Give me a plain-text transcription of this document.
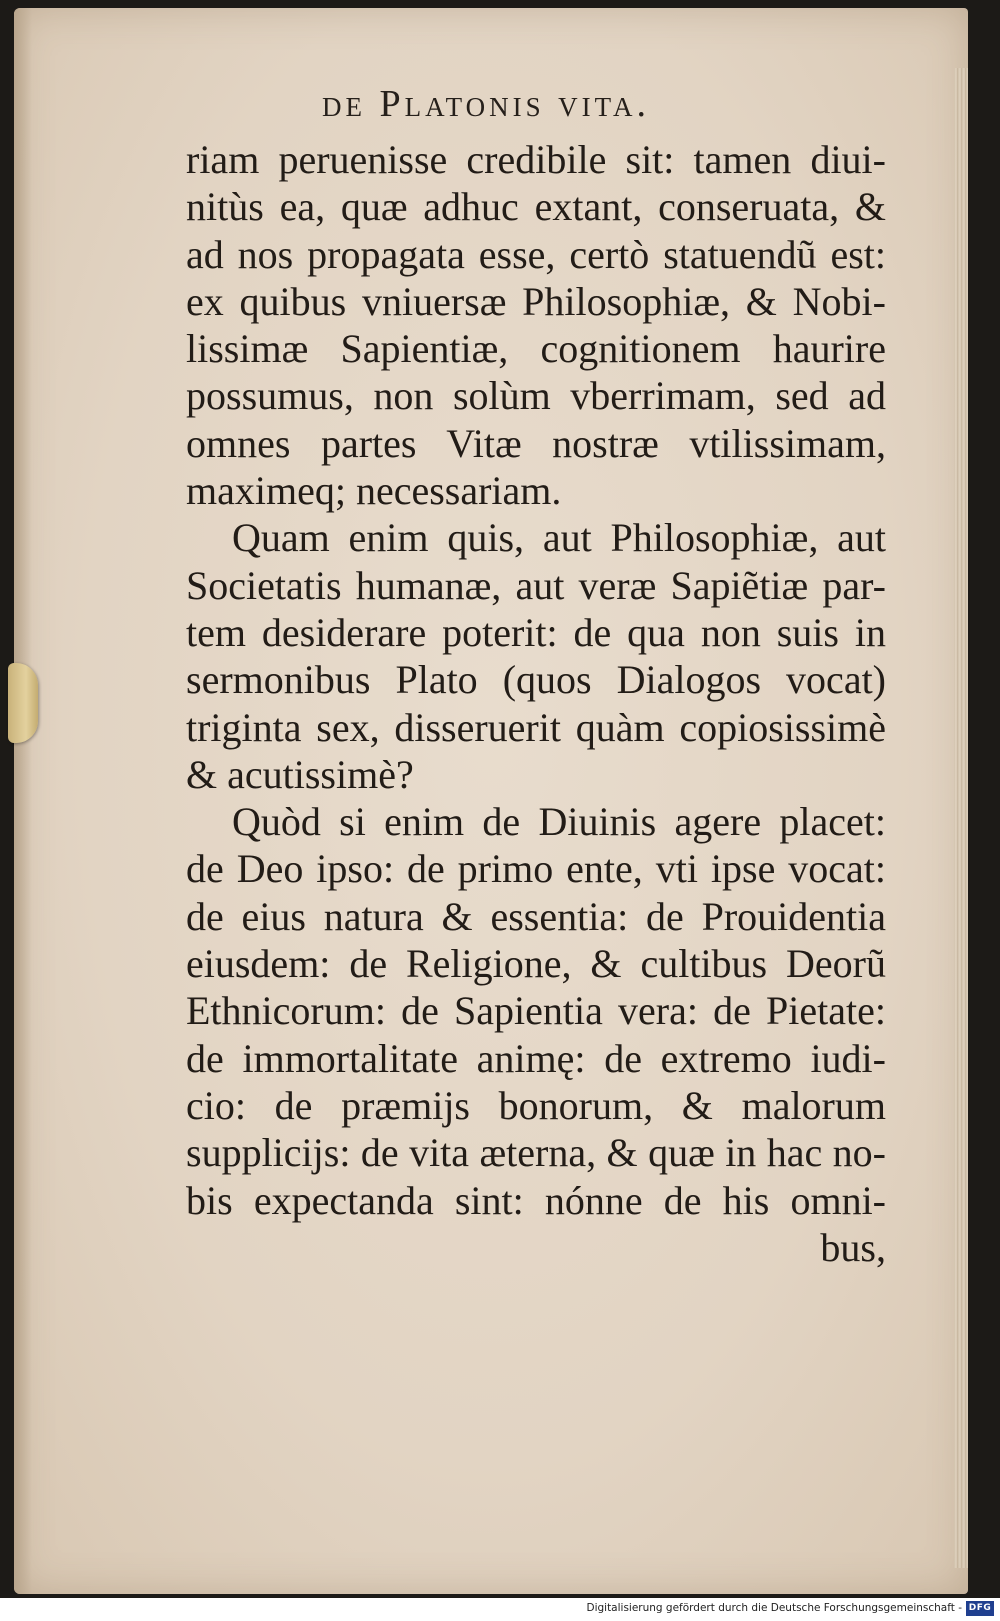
de Platonis vita.
riam peruenisse credibile sit: tamen diui-
nitùs ea, quæ adhuc extant, conseruata, &
ad nos propagata esse, certò statuendũ est:
ex quibus vniuersæ Philosophiæ, & Nobi-
lissimæ Sapientiæ, cognitionem haurire
possumus, non solùm vberrimam, sed ad
omnes partes Vitæ nostræ vtilissimam,
maximeq; necessariam.
Quam enim quis, aut Philosophiæ, aut
Societatis humanæ, aut veræ Sapiẽtiæ par-
tem desiderare poterit: de qua non suis in
sermonibus Plato (quos Dialogos vocat)
triginta sex, disseruerit quàm copiosissimè
& acutissimè?
Quòd si enim de Diuinis agere placet:
de Deo ipso: de primo ente, vti ipse vocat:
de eius natura & essentia: de Prouidentia
eiusdem: de Religione, & cultibus Deorũ
Ethnicorum: de Sapientia vera: de Pietate:
de immortalitate animę: de extremo iudi-
cio: de præmijs bonorum, & malorum
supplicijs: de vita æterna, & quæ in hac no-
bis expectanda sint: nónne de his omni-
bus,
Digitalisierung gefördert durch die Deutsche Forschungsgemeinschaft - DFG
